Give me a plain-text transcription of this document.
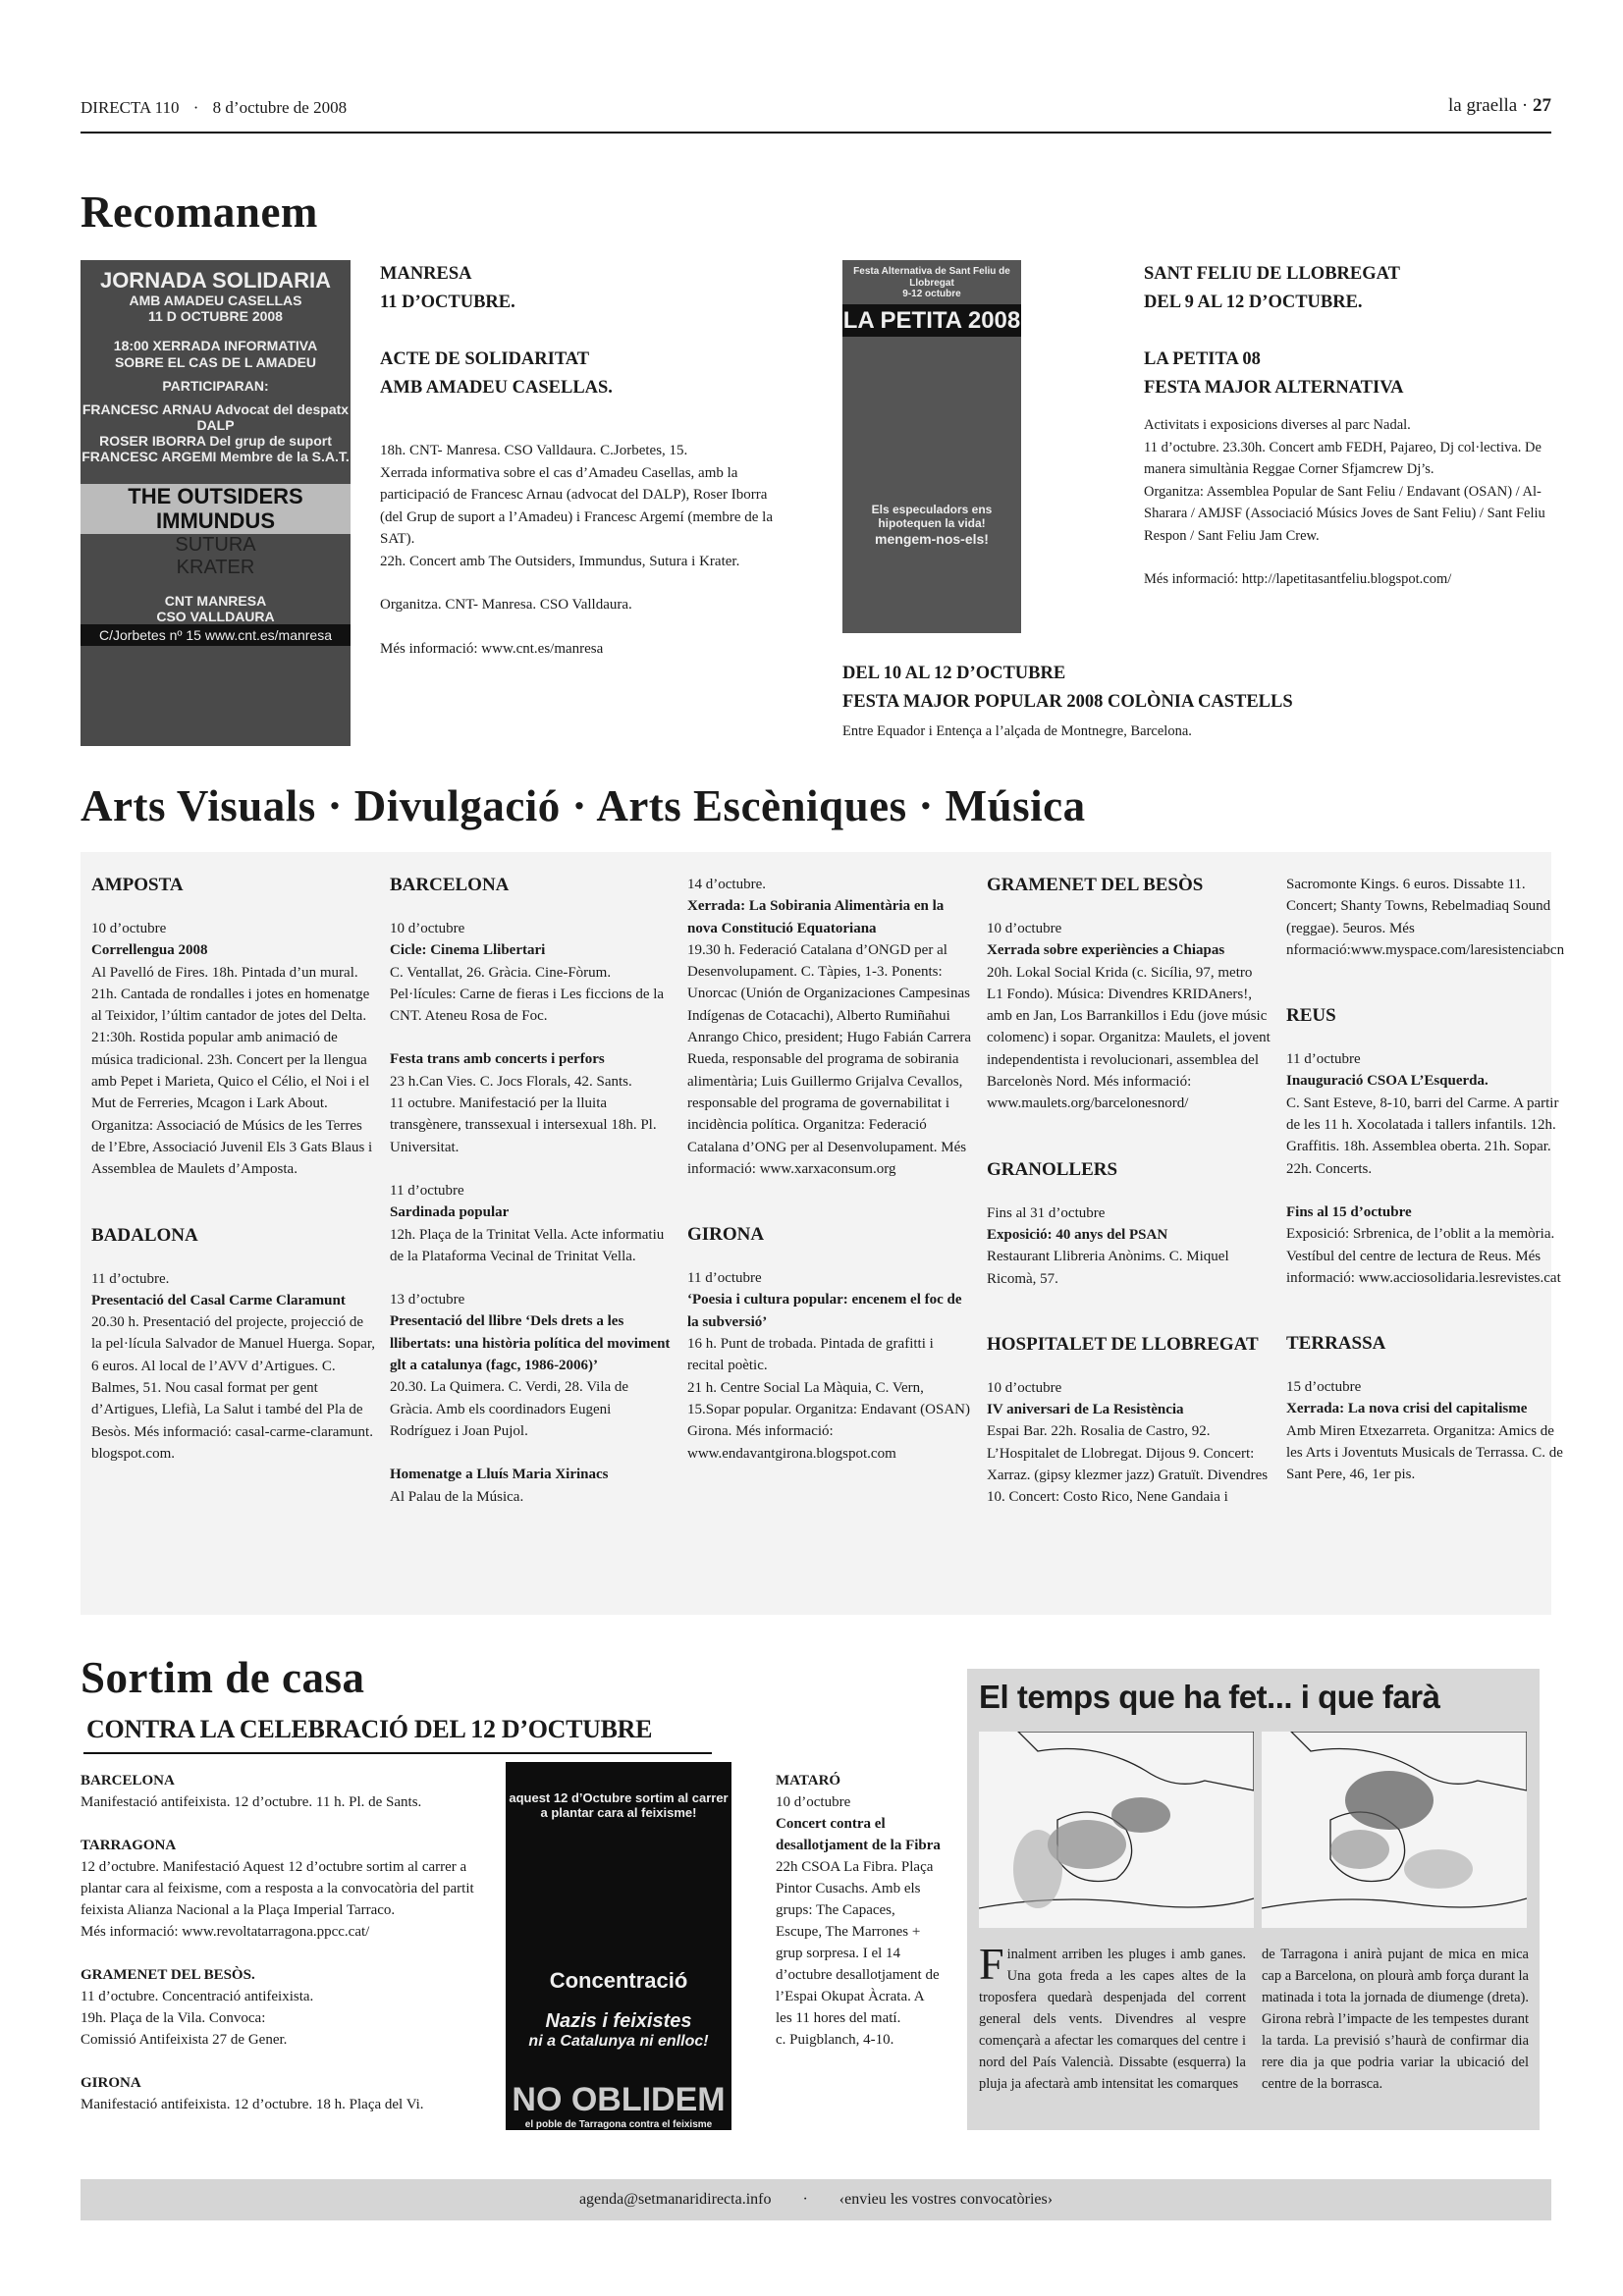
DIRECTA 110 · 8 d’octubre de 2008	la graella · 27
Recomanem
JORNADA SOLIDARIA
AMB AMADEU CASELLAS
11 D OCTUBRE 2008
18:00 XERRADA INFORMATIVA
SOBRE EL CAS DE L AMADEU
PARTICIPARAN:
FRANCESC ARNAU Advocat del despatx DALP
ROSER IBORRA Del grup de suport
FRANCESC ARGEMI Membre de la S.A.T.
THE OUTSIDERS
IMMUNDUS
SUTURA
KRATER
CNT MANRESA
CSO VALLDAURA
C/Jorbetes nº 15 www.cnt.es/manresa
MANRESA
11 D’OCTUBRE.
ACTE DE SOLIDARITAT
AMB AMADEU CASELLAS.
18h. CNT- Manresa. CSO Valldaura. C.Jorbetes, 15.
Xerrada informativa sobre el cas d’Amadeu Casellas, amb la participació de Francesc Arnau (advocat del DALP), Roser Iborra (del Grup de suport a l’Amadeu) i Francesc Argemí (membre de la SAT).
22h. Concert amb The Outsiders, Immundus, Sutura i Krater.
Organitza. CNT- Manresa. CSO Valldaura.
Més informació: www.cnt.es/manresa
Festa Alternativa de Sant Feliu de Llobregat
9-12 octubre
LA PETITA 2008
Els especuladors ens hipotequen la vida!
mengem-nos-els!
SANT FELIU DE LLOBREGAT
DEL 9 AL 12 D’OCTUBRE.
LA PETITA 08
FESTA MAJOR ALTERNATIVA
Activitats i exposicions diverses al parc Nadal.
11 d’octubre. 23.30h. Concert amb FEDH, Pajareo, Dj col·lectiva. De manera simultània Reggae Corner Sfjamcrew Dj’s.
Organitza: Assemblea Popular de Sant Feliu / Endavant (OSAN) / Al-Sharara / AMJSF (Associació Músics Joves de Sant Feliu) / Sant Feliu Respon / Sant Feliu Jam Crew.
Més informació: http://lapetitasantfeliu.blogspot.com/
DEL 10 AL 12 D’OCTUBRE
FESTA MAJOR POPULAR 2008 COLÒNIA CASTELLS
Entre Equador i Entença a l’alçada de Montnegre, Barcelona.
Arts Visuals · Divulgació · Arts Escèniques · Música
AMPOSTA
10 d’octubre
Correllengua 2008
Al Pavelló de Fires. 18h. Pintada d’un mural. 21h. Cantada de rondalles i jotes en homenatge al Teixidor, l’últim cantador de jotes del Delta. 21:30h. Rostida popular amb animació de música tradicional. 23h. Concert per la llengua amb Pepet i Marieta, Quico el Célio, el Noi i el Mut de Ferreries, Mcagon i Lark About. Organitza: Associació de Músics de les Terres de l’Ebre, Associació Juvenil Els 3 Gats Blaus i Assemblea de Maulets d’Amposta.
BADALONA
11 d’octubre.
Presentació del Casal Carme Claramunt
20.30 h. Presentació del projecte, projecció de la pel·lícula Salvador de Manuel Huerga. Sopar, 6 euros. Al local de l’AVV d’Artigues. C. Balmes, 51. Nou casal format per gent d’Artigues, Llefià, La Salut i també del Pla de Besòs. Més informació: casal-carme-claramunt. blogspot.com.
BARCELONA
10 d’octubre
Cicle: Cinema Llibertari
C. Ventallat, 26. Gràcia. Cine-Fòrum. Pel·lícules: Carne de fieras i Les ficcions de la CNT. Ateneu Rosa de Foc.
Festa trans amb concerts i perfors
23 h.Can Vies. C. Jocs Florals, 42. Sants.
11 octubre. Manifestació per la lluita transgènere, transsexual i intersexual 18h. Pl. Universitat.
11 d’octubre
Sardinada popular
12h. Plaça de la Trinitat Vella. Acte informatiu de la Plataforma Vecinal de Trinitat Vella.
13 d’octubre
Presentació del llibre ‘Dels drets a les llibertats: una història política del moviment glt a catalunya (fagc, 1986-2006)’
20.30. La Quimera. C. Verdi, 28. Vila de Gràcia. Amb els coordinadors Eugeni Rodríguez i Joan Pujol.
Homenatge a Lluís Maria Xirinacs
Al Palau de la Música.
14 d’octubre.
Xerrada: La Sobirania Alimentària en la nova Constitució Equatoriana
19.30 h. Federació Catalana d’ONGD per al Desenvolupament. C. Tàpies, 1-3. Ponents: Unorcac (Unión de Organizaciones Campesinas Indígenas de Cotacachi), Alberto Rumiñahui Anrango Chico, president; Hugo Fabián Carrera Rueda, responsable del programa de sobirania alimentària; Luis Guillermo Grijalva Cevallos, responsable del programa de governabilitat i incidència política. Organitza: Federació Catalana d’ONG per al Desenvolupament. Més informació: www.xarxaconsum.org
GIRONA
11 d’octubre
‘Poesia i cultura popular: encenem el foc de la subversió’
16 h. Punt de trobada. Pintada de grafitti i recital poètic.
21 h. Centre Social La Màquia, C. Vern, 15.Sopar popular. Organitza: Endavant (OSAN) Girona. Més informació: www.endavantgirona.blogspot.com
GRAMENET DEL BESÒS
10 d’octubre
Xerrada sobre experiències a Chiapas
20h. Lokal Social Krida (c. Sicília, 97, metro L1 Fondo). Música: Divendres KRIDAners!, amb en Jan, Los Barrankillos i Edu (jove músic colomenc) i sopar. Organitza: Maulets, el jovent independentista i revolucionari, assemblea del Barcelonès Nord. Més informació: www.maulets.org/barcelonesnord/
GRANOLLERS
Fins al 31 d’octubre
Exposició: 40 anys del PSAN
Restaurant Llibreria Anònims. C. Miquel Ricomà, 57.
HOSPITALET DE LLOBREGAT
10 d’octubre
IV aniversari de La Resistència
Espai Bar. 22h. Rosalia de Castro, 92. L’Hospitalet de Llobregat. Dijous 9. Concert: Xarraz. (gipsy klezmer jazz) Gratuït. Divendres 10. Concert: Costo Rico, Nene Gandaia i
Sacromonte Kings. 6 euros. Dissabte 11. Concert; Shanty Towns, Rebelmadiaq Sound (reggae). 5euros. Més nformació:www.myspace.com/laresistenciabcn
REUS
11 d’octubre
Inauguració CSOA L’Esquerda.
C. Sant Esteve, 8-10, barri del Carme. A partir de les 11 h. Xocolatada i tallers infantils. 12h. Graffitis. 18h. Assemblea oberta. 21h. Sopar. 22h. Concerts.
Fins al 15 d’octubre
Exposició: Srbrenica, de l’oblit a la memòria. Vestíbul del centre de lectura de Reus. Més informació: www.acciosolidaria.lesrevistes.cat
TERRASSA
15 d’octubre
Xerrada: La nova crisi del capitalisme
Amb Miren Etxezarreta. Organitza: Amics de les Arts i Joventuts Musicals de Terrassa. C. de Sant Pere, 46, 1er pis.
Sortim de casa
CONTRA LA CELEBRACIÓ DEL 12 D’OCTUBRE
BARCELONA
Manifestació antifeixista. 12 d’octubre. 11 h. Pl. de Sants.
TARRAGONA
12 d’octubre. Manifestació Aquest 12 d’octubre sortim al carrer a plantar cara al feixisme, com a resposta a la convocatòria del partit feixista Alianza Nacional a la Plaça Imperial Tarraco.
Més informació: www.revoltatarragona.ppcc.cat/
GRAMENET DEL BESÒS.
11 d’octubre. Concentració antifeixista.
19h. Plaça de la Vila. Convoca:
Comissió Antifeixista 27 de Gener.
GIRONA
Manifestació antifeixista. 12 d’octubre. 18 h. Plaça del Vi.
aquest 12 d’Octubre sortim al carrer
a plantar cara al feixisme!
Concentració
Nazis i feixistes
ni a Catalunya ni enlloc!
NO OBLIDEM
el poble de Tarragona contra el feixisme
MATARÓ
10 d’octubre
Concert contra el desallotjament de la Fibra
22h CSOA La Fibra. Plaça Pintor Cusachs. Amb els grups: The Capaces, Escupe, The Marrones + grup sorpresa. I el 14 d’octubre desallotjament de l’Espai Okupat Àcrata. A les 11 hores del matí.
c. Puigblanch, 4-10.
El temps que ha fet... i que farà
Finalment arriben les pluges i amb ganes. Una gota freda a les capes altes de la troposfera quedarà despenjada del corrent general dels vents. Divendres al vespre començarà a afectar les comarques del centre i nord del País Valencià. Dissabte (esquerra) la pluja ja afectarà amb intensitat les comarques
de Tarragona i anirà pujant de mica en mica cap a Barcelona, on plourà amb força durant la matinada i tota la jornada de diumenge (dreta). Girona rebrà l’impacte de les tempestes durant la tarda. La previsió s’haurà de confirmar dia rere dia ja que podria variar la ubicació del centre de la borrasca.
agenda@setmanaridirecta.info · ‹envieu les vostres convocatòries›
